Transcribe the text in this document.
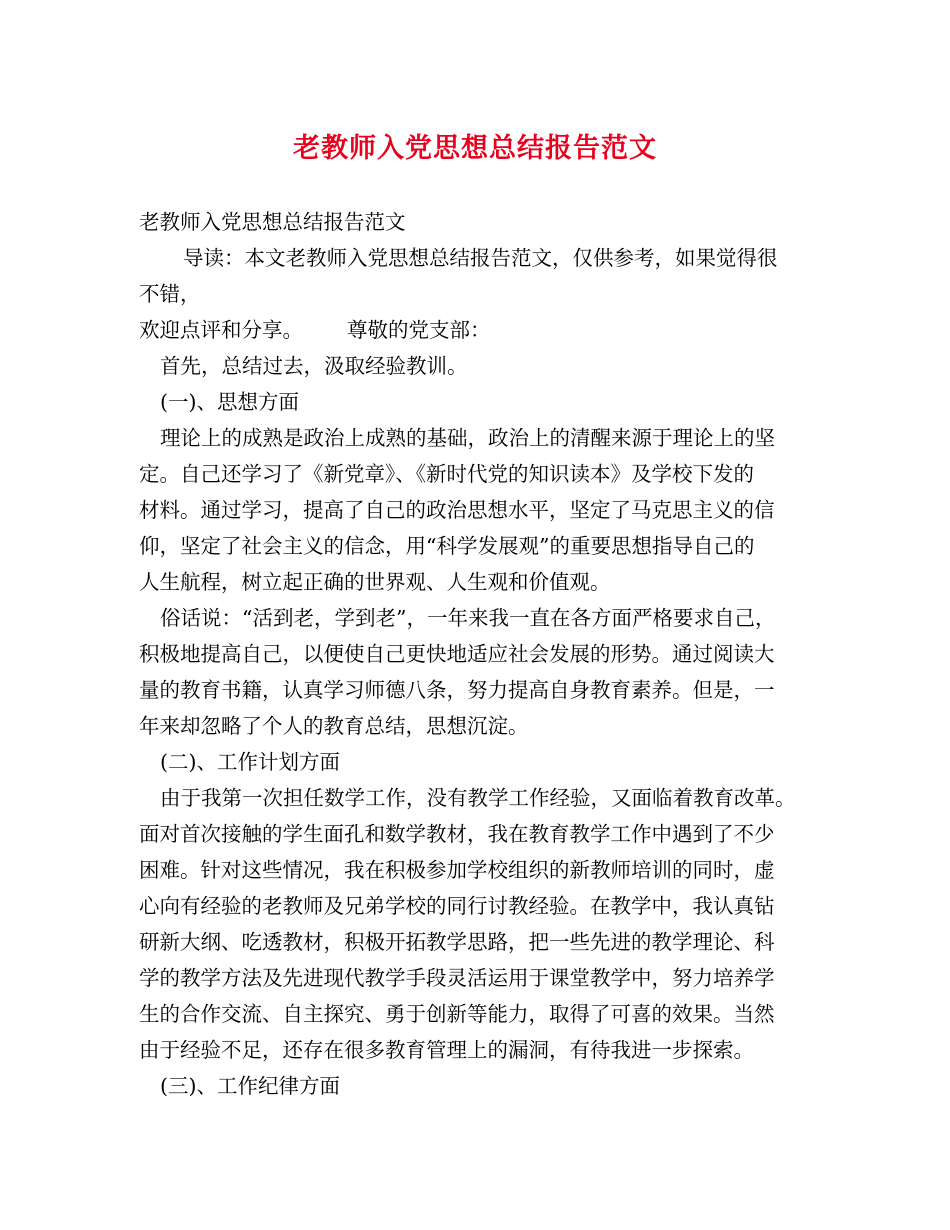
老教师入党思想总结报告范文
老教师入党思想总结报告范文
导读：本文老教师入党思想总结报告范文，仅供参考，如果觉得很
不错，
欢迎点评和分享。 尊敬的党支部：
首先，总结过去，汲取经验教训。
(一)、思想方面
理论上的成熟是政治上成熟的基础，政治上的清醒来源于理论上的坚
定。自己还学习了《新党章》、《新时代党的知识读本》及学校下发的
材料。通过学习，提高了自己的政治思想水平，坚定了马克思主义的信
仰，坚定了社会主义的信念，用“科学发展观”的重要思想指导自己的
人生航程，树立起正确的世界观、人生观和价值观。
俗话说：“活到老，学到老”，一年来我一直在各方面严格要求自己，
积极地提高自己，以便使自己更快地适应社会发展的形势。通过阅读大
量的教育书籍，认真学习师德八条，努力提高自身教育素养。但是，一
年来却忽略了个人的教育总结，思想沉淀。
(二)、工作计划方面
由于我第一次担任数学工作，没有教学工作经验，又面临着教育改革。
面对首次接触的学生面孔和数学教材，我在教育教学工作中遇到了不少
困难。针对这些情况，我在积极参加学校组织的新教师培训的同时，虚
心向有经验的老教师及兄弟学校的同行讨教经验。在教学中，我认真钻
研新大纲、吃透教材，积极开拓教学思路，把一些先进的教学理论、科
学的教学方法及先进现代教学手段灵活运用于课堂教学中，努力培养学
生的合作交流、自主探究、勇于创新等能力，取得了可喜的效果。当然
由于经验不足，还存在很多教育管理上的漏洞，有待我进一步探索。
(三)、工作纪律方面
